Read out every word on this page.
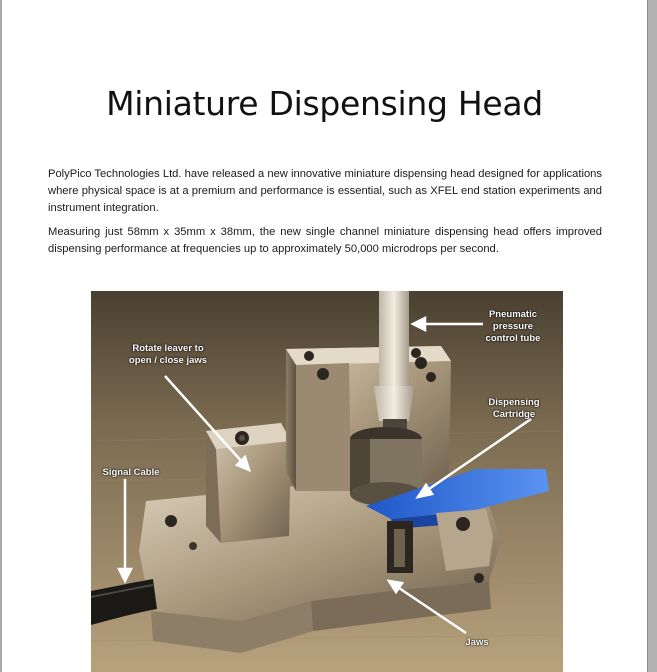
Miniature Dispensing Head

PolyPico Technologies Ltd. have released a new innovative miniature dispensing head designed for applications where physical space is at a premium and performance is essential, such as XFEL end station experiments and instrument integration.

Measuring just 58mm x 35mm x 38mm, the new single channel miniature dispensing head offers improved dispensing performance at frequencies up to approximately 50,000 microdrops per second.

Pneumatic pressure control tube
Rotate leaver to open / close jaws
Dispensing Cartridge
Signal Cable
Jaws
